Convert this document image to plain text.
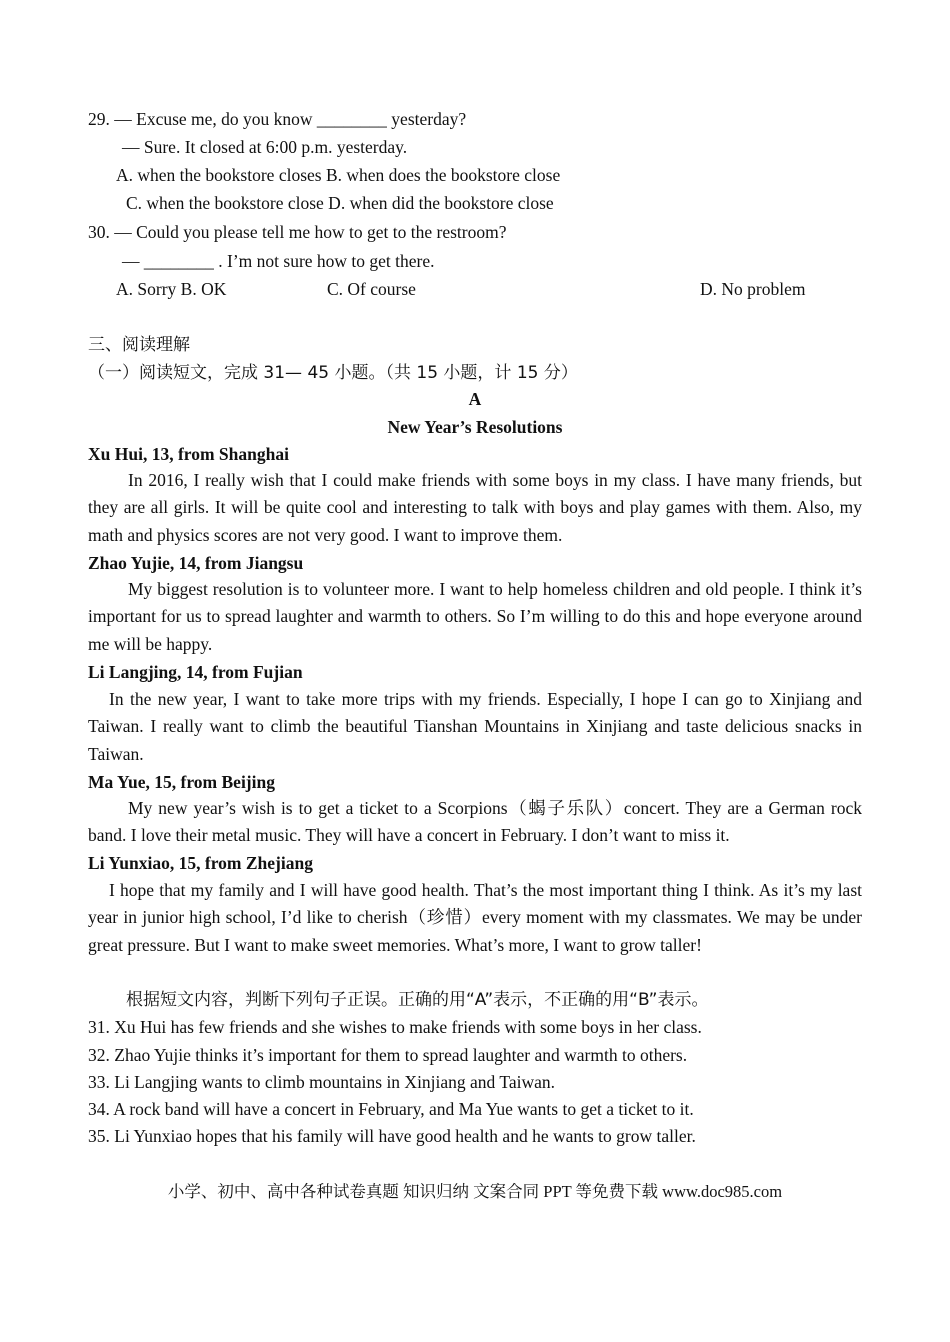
29. — Excuse me, do you know ________ yesterday?
— Sure. It closed at 6:00 p.m. yesterday.
A. when the bookstore closes B. when does the bookstore close
C. when the bookstore close D. when did the bookstore close
30. — Could you please tell me how to get to the restroom?
— ________ . I’m not sure how to get there.
A. Sorry B. OK	C. Of course	D. No problem
三、阅读理解
（一）阅读短文，完成 31— 45 小题。（共 15 小题，计 15 分）
A
New Year’s Resolutions
Xu Hui, 13, from Shanghai
In 2016, I really wish that I could make friends with some boys in my class. I have many friends, but they are all girls. It will be quite cool and interesting to talk with boys and play games with them. Also, my math and physics scores are not very good. I want to improve them.
Zhao Yujie, 14, from Jiangsu
My biggest resolution is to volunteer more. I want to help homeless children and old people. I think it’s important for us to spread laughter and warmth to others. So I’m willing to do this and hope everyone around me will be happy.
Li Langjing, 14, from Fujian
In the new year, I want to take more trips with my friends. Especially, I hope I can go to Xinjiang and Taiwan. I really want to climb the beautiful Tianshan Mountains in Xinjiang and taste delicious snacks in Taiwan.
Ma Yue, 15, from Beijing
My new year’s wish is to get a ticket to a Scorpions（蝎子乐队）concert. They are a German rock band. I love their metal music. They will have a concert in February. I don’t want to miss it.
Li Yunxiao, 15, from Zhejiang
I hope that my family and I will have good health. That’s the most important thing I think. As it’s my last year in junior high school, I’d like to cherish（珍惜）every moment with my classmates. We may be under great pressure. But I want to make sweet memories. What’s more, I want to grow taller!
根据短文内容，判断下列句子正误。正确的用“A”表示，不正确的用“B”表示。
31. Xu Hui has few friends and she wishes to make friends with some boys in her class.
32. Zhao Yujie thinks it’s important for them to spread laughter and warmth to others.
33. Li Langjing wants to climb mountains in Xinjiang and Taiwan.
34. A rock band will have a concert in February, and Ma Yue wants to get a ticket to it.
35. Li Yunxiao hopes that his family will have good health and he wants to grow taller.
小学、初中、高中各种试卷真题 知识归纳 文案合同 PPT 等免费下载 www.doc985.com
